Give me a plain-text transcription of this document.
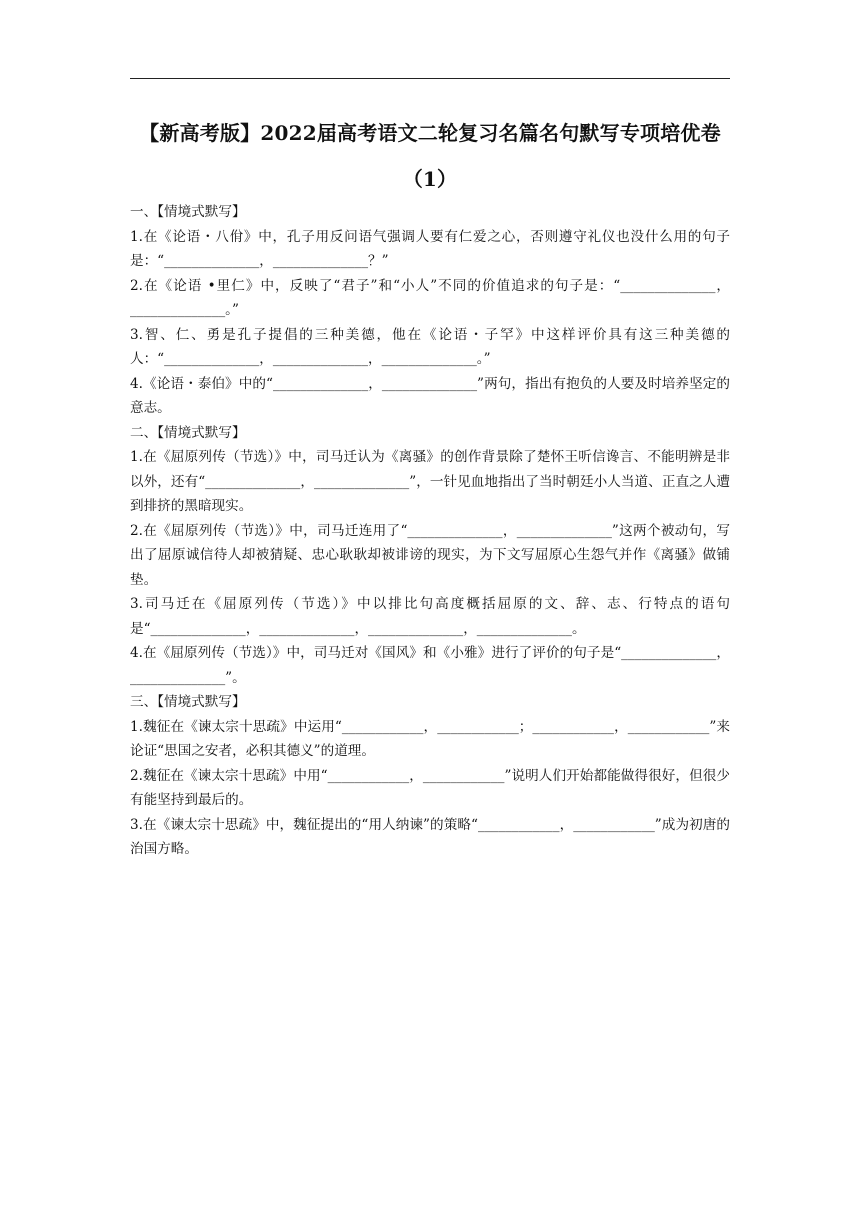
【新高考版】2022届高考语文二轮复习名篇名句默写专项培优卷（1）

一、【情境式默写】

1.在《论语・八佾》中，孔子用反问语气强调人要有仁爱之心，否则遵守礼仪也没什么用的句子是：“______________，______________？”

2.在《论语 •里仁》中，反映了“君子”和“小人”不同的价值追求的句子是：“______________，______________。”

3.智、仁、勇是孔子提倡的三种美德，他在《论语・子罕》中这样评价具有这三种美德的人：“______________，______________，______________。”

4.《论语・泰伯》中的“______________，______________”两句，指出有抱负的人要及时培养坚定的意志。

二、【情境式默写】

1.在《屈原列传（节选）》中，司马迁认为《离骚》的创作背景除了楚怀王听信谗言、不能明辨是非以外，还有“______________，______________”，一针见血地指出了当时朝廷小人当道、正直之人遭到排挤的黑暗现实。

2.在《屈原列传（节选）》中，司马迁连用了“______________，______________”这两个被动句，写出了屈原诚信待人却被猜疑、忠心耿耿却被诽谤的现实，为下文写屈原心生怨气并作《离骚》做铺垫。

3.司马迁在《屈原列传（节选）》中以排比句高度概括屈原的文、辞、志、行特点的语句是“______________，______________，______________，______________。

4.在《屈原列传（节选）》中，司马迁对《国风》和《小雅》进行了评价的句子是“______________，______________”。

三、【情境式默写】

1.魏征在《谏太宗十思疏》中运用“____________，____________；____________，____________”来论证“思国之安者，必积其德义”的道理。

2.魏征在《谏太宗十思疏》中用“____________，____________”说明人们开始都能做得很好，但很少有能坚持到最后的。

3.在《谏太宗十思疏》中，魏征提出的“用人纳谏”的策略“____________，____________”成为初唐的治国方略。
